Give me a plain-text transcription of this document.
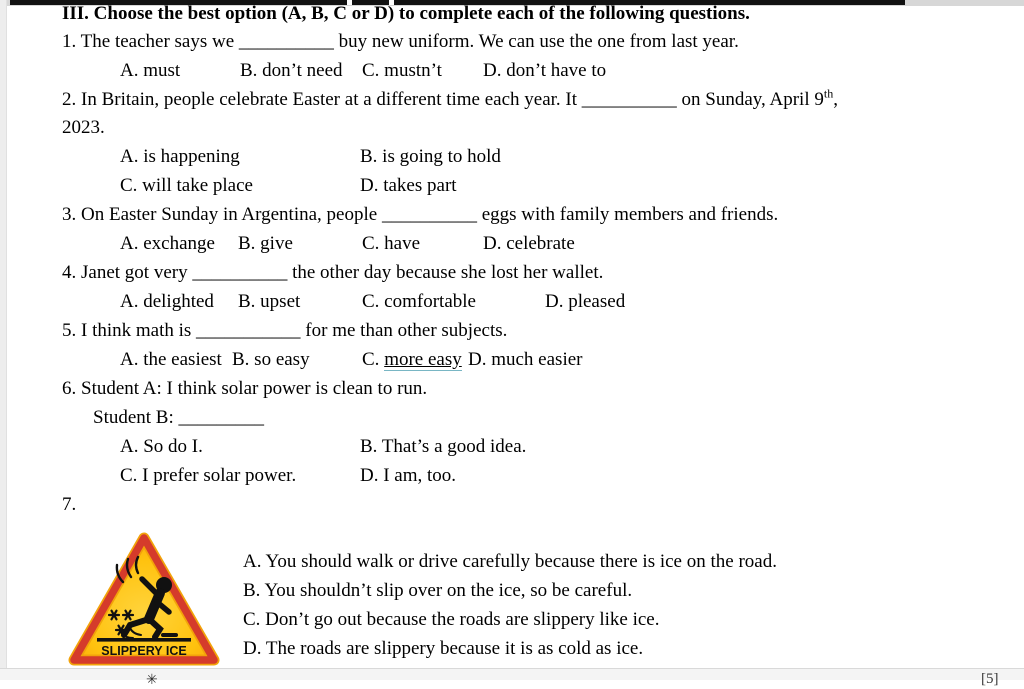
III. Choose the best option (A, B, C or D) to complete each of the following questions.
1. The teacher says we __________ buy new uniform. We can use the one from last year.
A. must	B. don’t need C. mustn’t D. don’t have to
2. In Britain, people celebrate Easter at a different time each year. It __________ on Sunday, April 9th,
2023.
A. is happening	B. is going to hold
C. will take place	D. takes part
3. On Easter Sunday in Argentina, people __________ eggs with family members and friends.
A. exchange B. give	C. have	D. celebrate
4. Janet got very __________ the other day because she lost her wallet.
A. delighted B. upset	C. comfortable	D. pleased
5. I think math is ___________ for me than other subjects.
A. the easiest B. so easy	C. more easy D. much easier
6. Student A: I think solar power is clean to run.
Student B: _________
A. So do I.	B. That’s a good idea.
C. I prefer solar power.	D. I am, too.
7.
A. You should walk or drive carefully because there is ice on the road.
B. You shouldn’t slip over on the ice, so be careful.
C. Don’t go out because the roads are slippery like ice.
D. The roads are slippery because it is as cold as ice.
SLIPPERY ICE
✳	[5]
